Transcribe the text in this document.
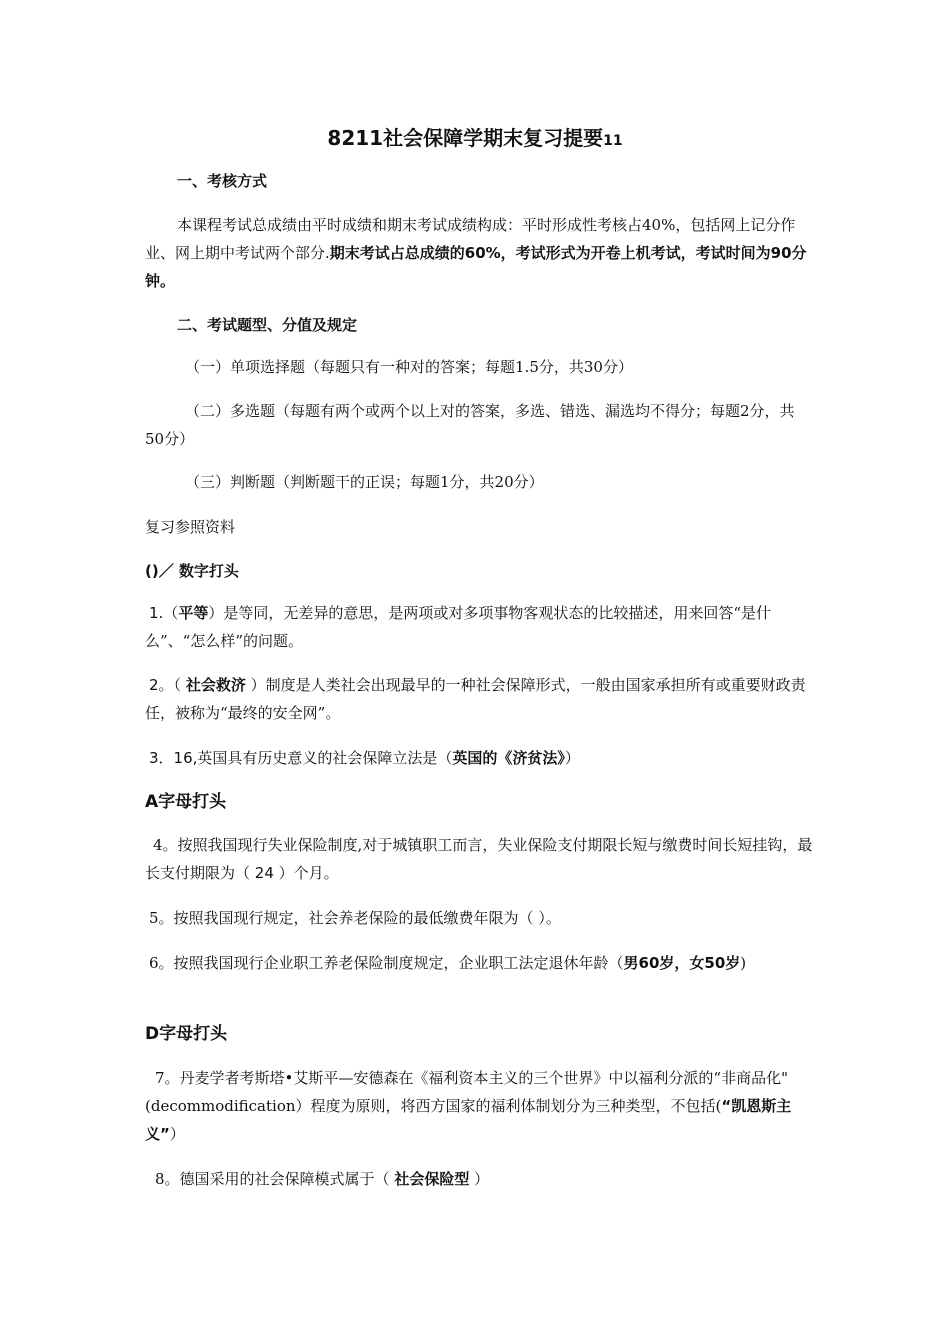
8211社会保障学期末复习提要11

一、考核方式

本课程考试总成绩由平时成绩和期末考试成绩构成：平时形成性考核占40%，包括网上记分作业、网上期中考试两个部分.期末考试占总成绩的60%，考试形式为开卷上机考试，考试时间为90分钟。

二、考试题型、分值及规定

（一）单项选择题（每题只有一种对的答案；每题1.5分，共30分）

（二）多选题（每题有两个或两个以上对的答案，多选、错选、漏选均不得分；每题2分，共50分）

（三）判断题（判断题干的正误；每题1分，共20分）

复习参照资料

()／ 数字打头

1.（平等）是等同，无差异的意思，是两项或对多项事物客观状态的比较描述，用来回答“是什么”、“怎么样”的问题。

2。（ 社会救济 ）制度是人类社会出现最早的一种社会保障形式，一般由国家承担所有或重要财政责任，被称为“最终的安全网”。

3．16,英国具有历史意义的社会保障立法是（英国的《济贫法》）

A字母打头

4。按照我国现行失业保险制度,对于城镇职工而言，失业保险支付期限长短与缴费时间长短挂钩，最长支付期限为（ 24 ）个月。

5。按照我国现行规定，社会养老保险的最低缴费年限为（ ）。

6。按照我国现行企业职工养老保险制度规定，企业职工法定退休年龄（男60岁，女50岁)

D字母打头

7。丹麦学者考斯塔•艾斯平—安德森在《福利资本主义的三个世界》中以福利分派的“非商品化"(decommodification）程度为原则，将西方国家的福利体制划分为三种类型，不包括(“凯恩斯主义”）

8。德国采用的社会保障模式属于（ 社会保险型 ）
